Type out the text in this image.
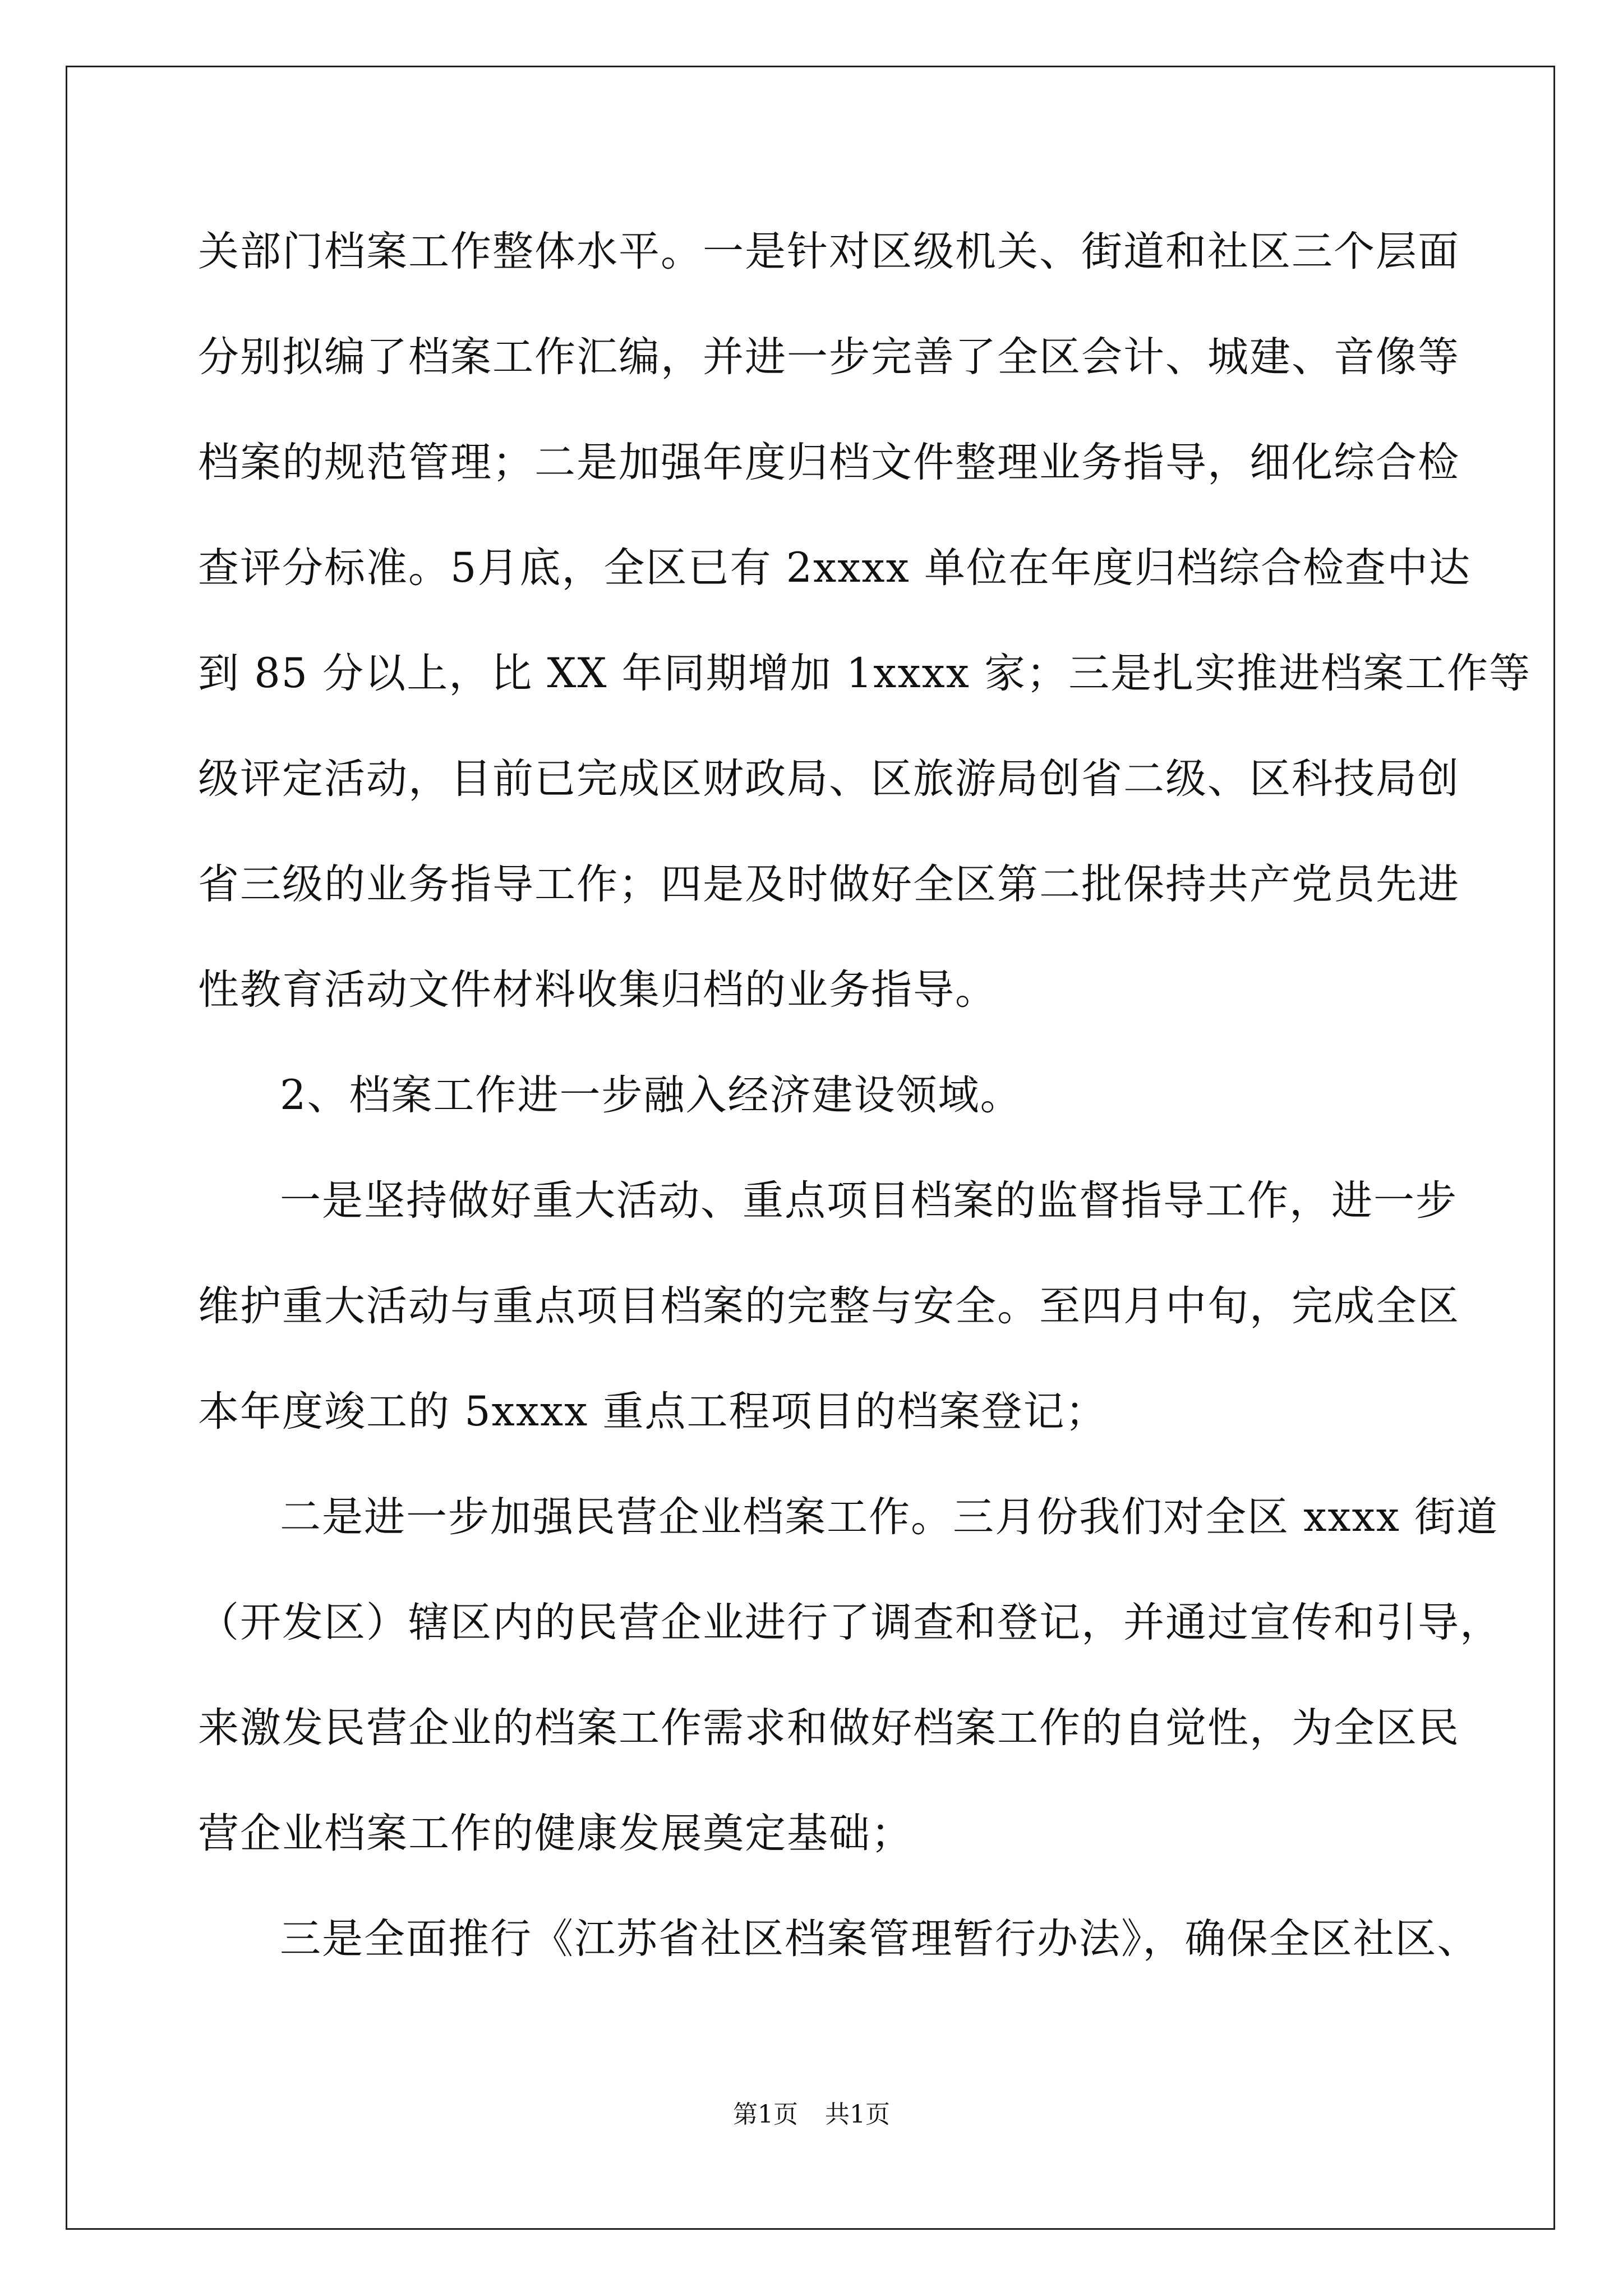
关部门档案工作整体水平。一是针对区级机关、街道和社区三个层面
分别拟编了档案工作汇编，并进一步完善了全区会计、城建、音像等
档案的规范管理；二是加强年度归档文件整理业务指导，细化综合检
查评分标准。5月底，全区已有 2xxxx 单位在年度归档综合检查中达
到 85 分以上，比 XX 年同期增加 1xxxx 家；三是扎实推进档案工作等
级评定活动，目前已完成区财政局、区旅游局创省二级、区科技局创
省三级的业务指导工作；四是及时做好全区第二批保持共产党员先进
性教育活动文件材料收集归档的业务指导。
2、档案工作进一步融入经济建设领域。
一是坚持做好重大活动、重点项目档案的监督指导工作，进一步
维护重大活动与重点项目档案的完整与安全。至四月中旬，完成全区
本年度竣工的 5xxxx 重点工程项目的档案登记；
二是进一步加强民营企业档案工作。三月份我们对全区 xxxx 街道
（开发区）辖区内的民营企业进行了调查和登记，并通过宣传和引导，
来激发民营企业的档案工作需求和做好档案工作的自觉性，为全区民
营企业档案工作的健康发展奠定基础；
三是全面推行《江苏省社区档案管理暂行办法》，确保全区社区、
第1页 共1页
